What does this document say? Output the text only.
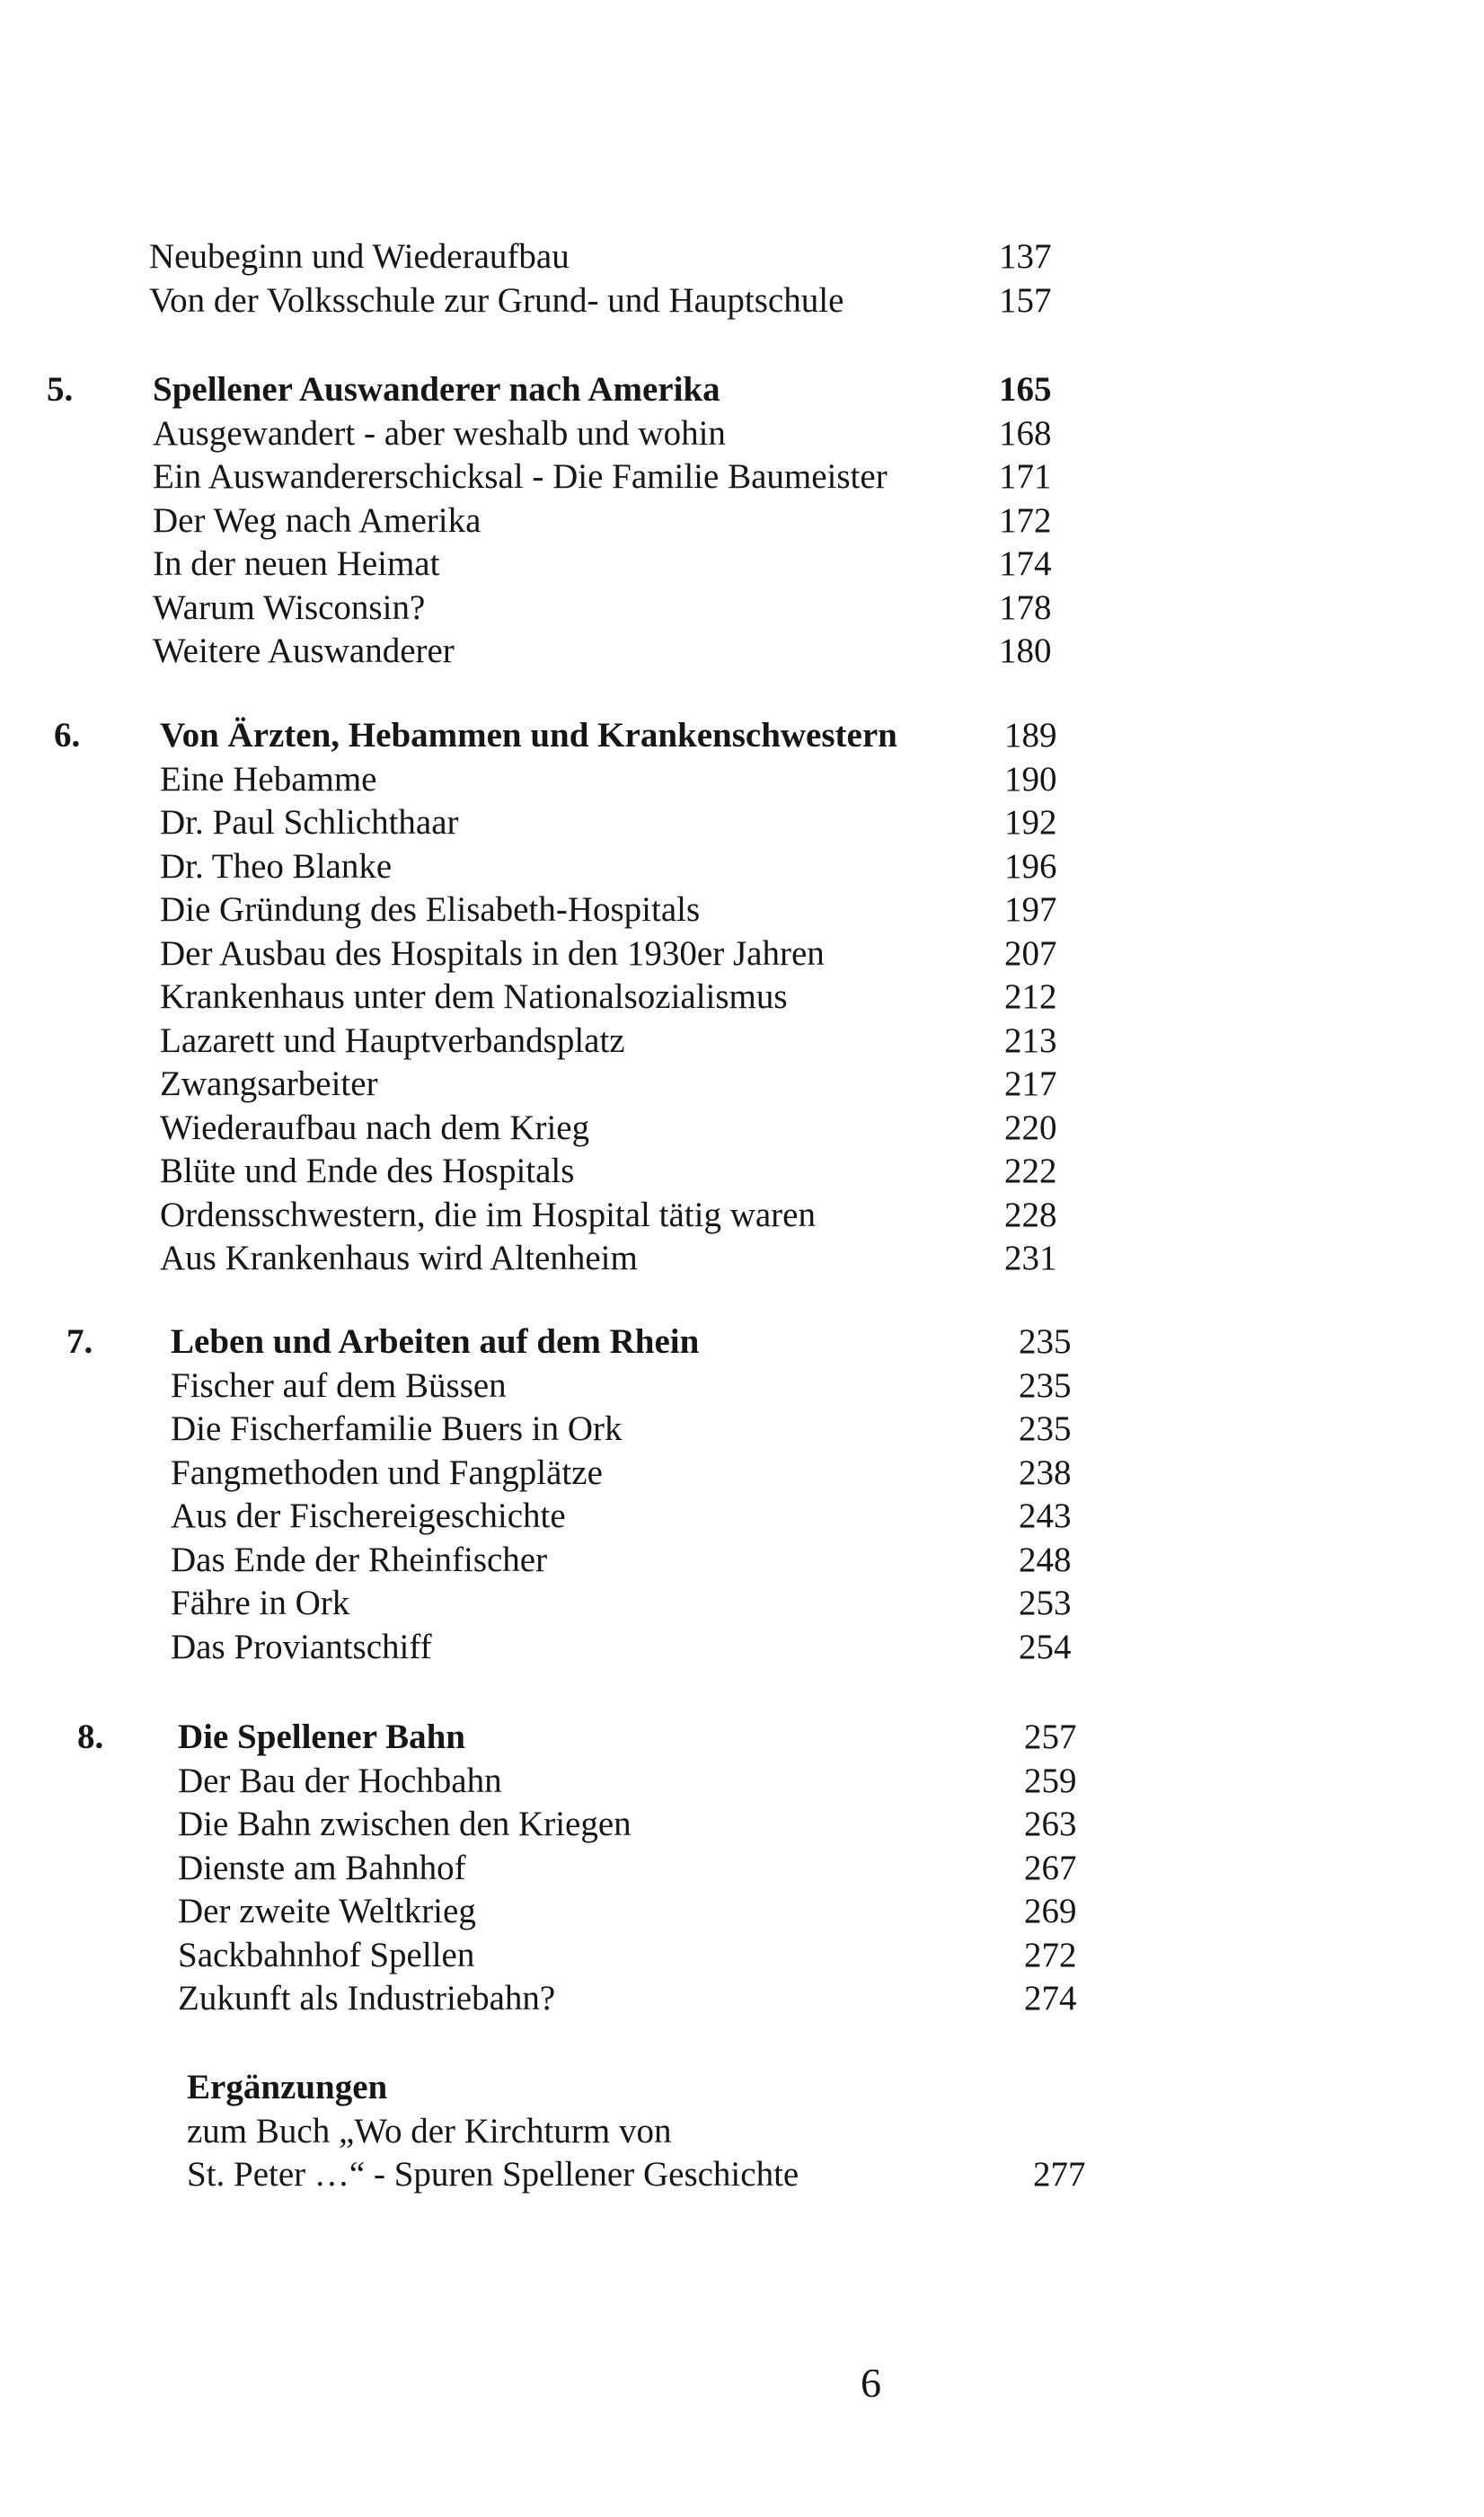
Neubeginn und Wiederaufbau	137
Von der Volksschule zur Grund- und Hauptschule	157
5. Spellener Auswanderer nach Amerika	165
Ausgewandert - aber weshalb und wohin	168
Ein Auswandererschicksal - Die Familie Baumeister	171
Der Weg nach Amerika	172
In der neuen Heimat	174
Warum Wisconsin?	178
Weitere Auswanderer	180
6. Von Ärzten, Hebammen und Krankenschwestern	189
Eine Hebamme	190
Dr. Paul Schlichthaar	192
Dr. Theo Blanke	196
Die Gründung des Elisabeth-Hospitals	197
Der Ausbau des Hospitals in den 1930er Jahren	207
Krankenhaus unter dem Nationalsozialismus	212
Lazarett und Hauptverbandsplatz	213
Zwangsarbeiter	217
Wiederaufbau nach dem Krieg	220
Blüte und Ende des Hospitals	222
Ordensschwestern, die im Hospital tätig waren	228
Aus Krankenhaus wird Altenheim	231
7. Leben und Arbeiten auf dem Rhein	235
Fischer auf dem Büssen	235
Die Fischerfamilie Buers in Ork	235
Fangmethoden und Fangplätze	238
Aus der Fischereigeschichte	243
Das Ende der Rheinfischer	248
Fähre in Ork	253
Das Proviantschiff	254
8. Die Spellener Bahn	257
Der Bau der Hochbahn	259
Die Bahn zwischen den Kriegen	263
Dienste am Bahnhof	267
Der zweite Weltkrieg	269
Sackbahnhof Spellen	272
Zukunft als Industriebahn?	274
Ergänzungen
zum Buch „Wo der Kirchturm von
St. Peter …“ - Spuren Spellener Geschichte	277
6
